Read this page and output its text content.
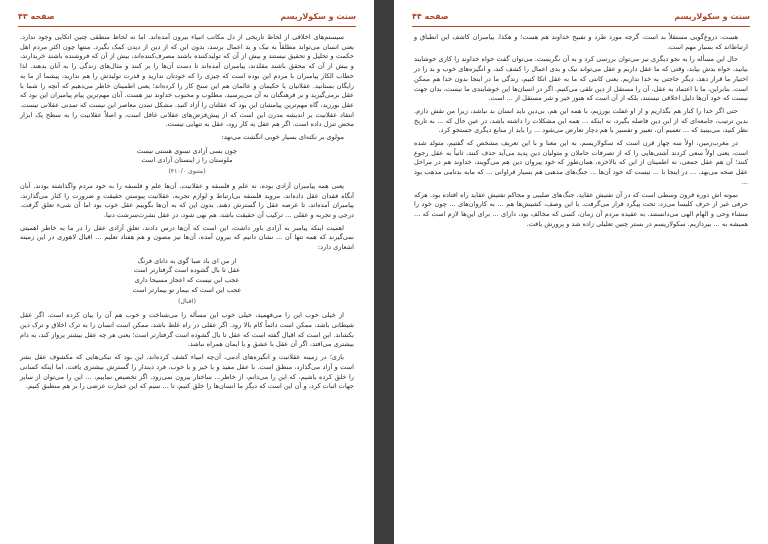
سنت و سکولاریسم
صفحه ۴۳

سیستم‌های اخلاقی از لحاظ تاریخی از دل مکاتب انبیاء بیرون آمده‌اند. اما نه لحاظ منطقی چنین اتکایی وجود ندارد. یعنی انسان می‌تواند مطلقاً به نیک و بد اعمال برسد، بدون این که از دین از دیدن کمک بگیرد. منتها چون اکثر مردم اهل حکمت و تحلیل و تحقیق نیستند و بیش از آن که تولیدکننده باشند مصرف‌کننده‌اند، بیش از آن که فروشنده باشند خریدارند، و بیش از آن که محقق باشند مقلدند، پیامبران آمده‌اند تا دست آن‌ها را بر کنند و مثال‌های زندگی را به آنان بدهند. لذا خطاب الکار پیامبران با مردم این بوده است که چیزی را که خودتان ندارید و قدرت تولیدش را هم ندارید، پیشما از ما به رایگان بستانید. عقلانیان با حکیمان و عالمان هم این سنخ کار را کرده‌اند؛ یعنی اطمینان خاطر می‌دهیم که آنچه را شما با عقل برمی‌گیرید و بر فرهنگتان به آن می‌پرسید، مطلوب و محبوب خداوند نیز هست. آنان مهم‌ترین پیام پیامبران این بود که عقل بورزید، گاه مهم‌ترین پیامشان این بود که عقلتان را آزاد کنید. مشکل تمدن معاصر این نیست که تمدنی عقلانی نیست. انتقاد عقلانیت بر اندیشه مدرن این است که از پیش‌فرض‌های عقلانی غافل است، و اصلاً عقلانیت را به سطح یک ابزار محض تنزل داده است. اگر هم عقل به کار رود، عقل به تنهایی نیست.

مولوی بر نکته‌ای بسیار خوبی انگشت می‌نهد:

چون بسی آزادی تسوی هستی نیست
ملوستان را ز اینستان آزادی است
(مثنوی ۴۱۰/۰)

یعنی همه پیامبران آزادی بوده، نه علم و فلسفه و عقلانیت. آن‌ها علم و فلسفه را به خود مردم واگذاشته بودند. آنان آنگاه فقدان عقل داده‌اند، مروید فلسفه بی‌ارتباط و لوازم تجربه، عقلانیت پیوستن حقیقت و ضرورت را کنار می‌گذارند، پیامبران آمده‌اند، تا عرصه عقل را گسترش دهند. بدون این که به آن‌ها بگوییم عقل خوب بود اما آن شیء تعلق گرفت. درجی و تجربه و عقلی ... ترکیب آن حقیقت باشد، هم نهی شود، در عقل بشرت‌سرشت دنیا.

اهمیت اینکه پیامبر به آزادی باور داشت، این است که آن‌ها درس دادند، تعلق آزادی عقل را در ما به خاطر اهمیتی نمی‌گیرند که همه تنها آن ... نشان دانیم که بیرون آمده، آن‌ها نیز مصون و هم هفتاد تعلیم ... اقبال لاهوری در این زمینه اشعاری دارد:

از من ای باد صبا گوی به دانای فرنگ
عقل تا بال گشوده است گرفتارتر است
عجب این نیست که اعجاز مسیحا داری
عجب این است که بیمار تو بیمارتر است
(اقبال)

از خیلی خوب این را می‌فهمید، خیلی خوب این مسأله را می‌شناخت و خوب هم آن را بیان کرده است. اگر عقل شیطانی باشد، ممکن است دائماً کام بالا رود. اگر عقلی در راه غلط باشد، ممکن است انسان را به ترک اخلاق و ترک دین بکشاند. این است که اقبال گفته است که عقل تا بال گشوده است گرفتارتر است؛ یعنی هر چه عقل بیشتر پرواز کند، به دام بیشتری می‌افتد، اگر آن عقل با عشق و با ایمان همراه نباشد.

باری؛ در زمینه عقلانیت و انگیزه‌های آدمی، آن‌چه انبیاء کشف کرده‌اند، این بود که نیکی‌هایی که مکشوف عقل بشر است و آزاد می‌گذارد، منطق است. با عقل مفید و با خیر و با خوب، فرد دیندار را گسترش بیشتری یافت. اما اینکه کسانی را خلق کرده باشیم، که این را می‌دانم، از خاطر... ساختار بیرون نمی‌رود. اگر تخصیص نماییم، ... این را می‌توان از سایر جهات اثبات کرد، و آن این است که دیگر ما انسان‌ها را خلق کنیم، تا ... سیم که این عمارت عرضی را بر هم منطبق کنیم.

سنت و سکولاریسم
صفحه ۴۴

هست. دروغ‌گویی مستقلاً بد است، گرچه مورد طرد و تقبیح خداوند هم هست؛ و هکذا. پیامبران کاشف این انطباق و ارتباط‌اند که بسیار مهم است.

حال این مسأله را به نحو دیگری نیز می‌توان بررسی کرد و به آن نگریست. می‌توان گفت خواه خداوند را کاری خوشایند بیابید، خواه بدش بیابد، وقتی که ما عقل داریم و عقل می‌تواند نیک و بدی اعمال را کشف کند، و انگیزه‌های خوب و بد را در اختیار ما قرار دهد، دیگر حاجتی به خدا نداریم. یعنی کانتی که ما به عقل اتکا کنیم، زندگی ما در اینجا بدون خدا هم ممکن است. بنابراین، ما با اعتماد به عقل، آن را مستقل از دین تلقی می‌کنیم. اگر در انسان‌ها این خوشایندی ما نیست، بدان جهت نیست که خود آن‌ها دلیل اخلاقی نیستند، بلکه از آن است که هنوز خیر و شر مستقل از ... است.

حتی اگر خدا را کنار هم بگذاریم و از او غفلت بورزیم، با همه این هم، بی‌دین باید انسان بد نباشد، زیرا من نقش دارم. بدین ترتیب، جامعه‌ای که از این دین فاصله بگیرد، نه اینکه ... همه این مشکلات را داشته باشد، در عین حال که ... به تاریخ نظر کنید، می‌بینید که ... تعمیم آن، تعبیر و تفسیر با هم دچار تعارض می‌شود ... را باید از منابع دیگری جستجو کرد.

در مغرب‌زمین، اولاً سه چهار قرن است که سکولاریسم، به این معنا و با این تعریف مشخص که گفتیم، متولد شده است، یعنی اولاً سعی کردند آشتی‌هایی را که از تصرفات حاملان و متولیان دین پدید می‌آید حذف کنند، ثانیاً به عقل رجوع کنند؛ آن هم عقل جمعی، نه اطمینان از این که بالاخره، همان‌طور که خود پیروان دین هم می‌گویند، خداوند هم در مراحل عقل صحه می‌نهد. ... در اینجا با ... نیست که خود آن‌ها ... جنگ‌های مذهبی هم بسیار فراوانی ... که مایه بدنامی مذهب بود ...

نمونه اش دوره قرون وسطی است که در آن تفتیش عقاید، جنگ‌های صلیبی و محاکم تفتیش عقاید راه افتاده بود. هرکه حرفی غیر از حرف کلیسا می‌زد، تحت پیگرد قرار می‌گرفت. با این وصف، کشیش‌ها هم ... به کاروان‌های ... چون خود را منشاء وحی و الهام الهی می‌دانستند. به عقیده مردم آن زمان، کسی که مخالف بود، دارای ... برای این‌ها لازم است که ... همیشه به ... بپردازیم. سکولاریسم در بستر چنین تعلیلی زاده شد و پرورش یافت.
